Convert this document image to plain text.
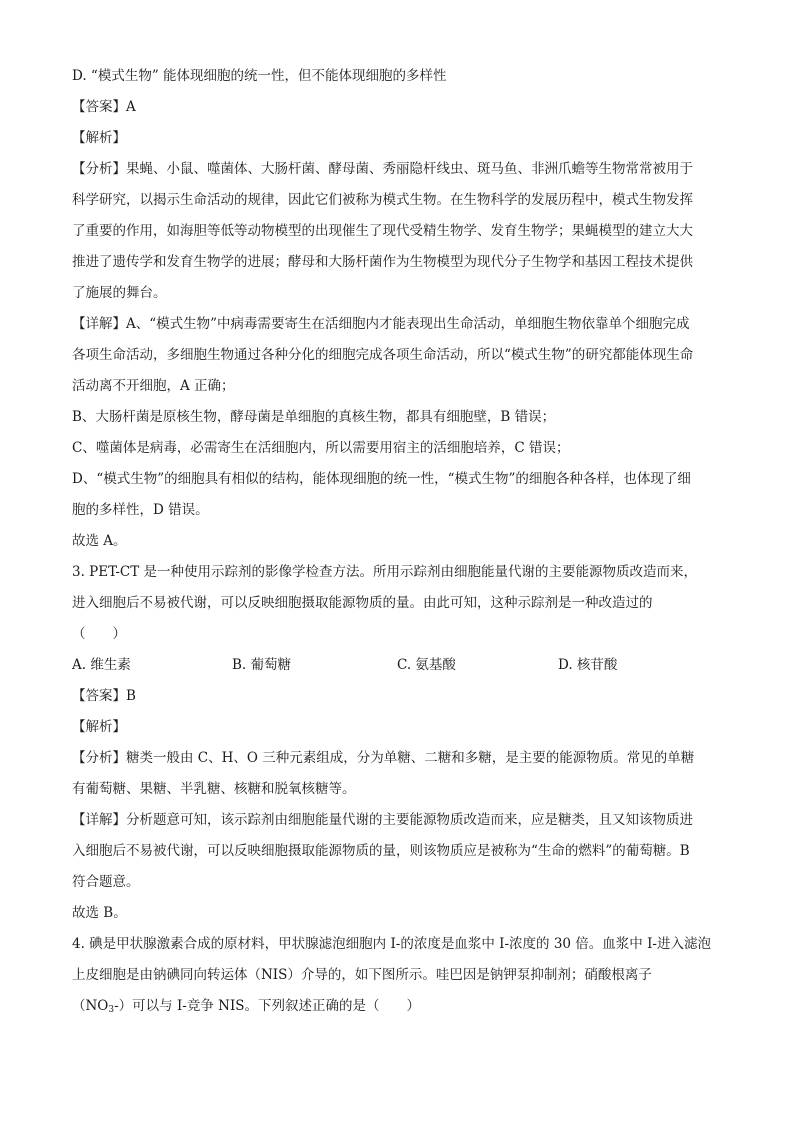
D. “模式生物” 能体现细胞的统一性，但不能体现细胞的多样性
【答案】A
【解析】
【分析】果蝇、小鼠、噬菌体、大肠杆菌、酵母菌、秀丽隐杆线虫、斑马鱼、非洲爪蟾等生物常常被用于
科学研究，以揭示生命活动的规律，因此它们被称为模式生物。在生物科学的发展历程中，模式生物发挥
了重要的作用，如海胆等低等动物模型的出现催生了现代受精生物学、发育生物学；果蝇模型的建立大大
推进了遗传学和发育生物学的进展；酵母和大肠杆菌作为生物模型为现代分子生物学和基因工程技术提供
了施展的舞台。
【详解】A、“模式生物”中病毒需要寄生在活细胞内才能表现出生命活动，单细胞生物依靠单个细胞完成
各项生命活动，多细胞生物通过各种分化的细胞完成各项生命活动，所以“模式生物”的研究都能体现生命
活动离不开细胞，A 正确；
B、大肠杆菌是原核生物，酵母菌是单细胞的真核生物，都具有细胞壁，B 错误；
C、噬菌体是病毒，必需寄生在活细胞内，所以需要用宿主的活细胞培养，C 错误；
D、“模式生物”的细胞具有相似的结构，能体现细胞的统一性，“模式生物”的细胞各种各样，也体现了细
胞的多样性，D 错误。
故选 A。
3. PET-CT 是一种使用示踪剂的影像学检查方法。所用示踪剂由细胞能量代谢的主要能源物质改造而来，
进入细胞后不易被代谢，可以反映细胞摄取能源物质的量。由此可知，这种示踪剂是一种改造过的
（　　）
A. 维生素	B. 葡萄糖	C. 氨基酸	D. 核苷酸
【答案】B
【解析】
【分析】糖类一般由 C、H、O 三种元素组成，分为单糖、二糖和多糖，是主要的能源物质。常见的单糖
有葡萄糖、果糖、半乳糖、核糖和脱氧核糖等。
【详解】分析题意可知，该示踪剂由细胞能量代谢的主要能源物质改造而来，应是糖类，且又知该物质进
入细胞后不易被代谢，可以反映细胞摄取能源物质的量，则该物质应是被称为“生命的燃料”的葡萄糖。B
符合题意。
故选 B。
4. 碘是甲状腺激素合成的原材料，甲状腺滤泡细胞内 I-的浓度是血浆中 I-浓度的 30 倍。血浆中 I-进入滤泡
上皮细胞是由钠碘同向转运体（NIS）介导的，如下图所示。哇巴因是钠钾泵抑制剂；硝酸根离子
$(NO_3-)$可以与 I-竞争 NIS。下列叙述正确的是（　　）
